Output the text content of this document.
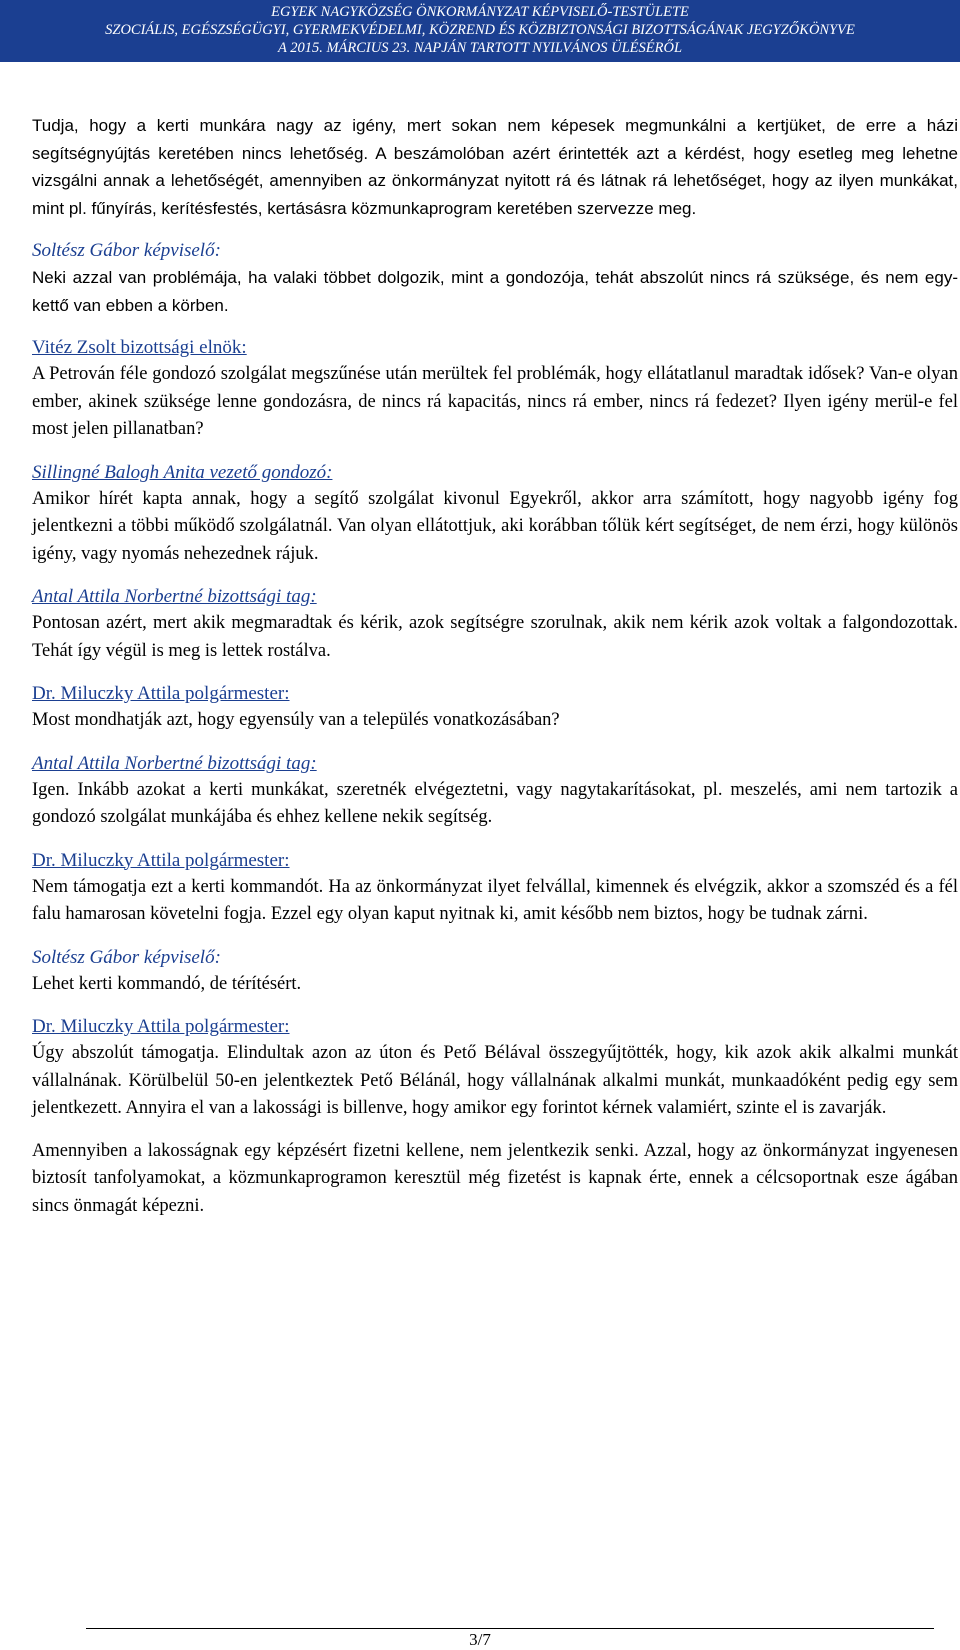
EGYEK NAGYKÖZSÉG ÖNKORMÁNYZAT KÉPVISELŐ-TESTÜLETE
SZOCIÁLIS, EGÉSZSÉGÜGYI, GYERMEKVÉDELMI, KÖZREND ÉS KÖZBIZTONSÁGI BIZOTTSÁGÁNAK JEGYZŐKÖNYVE
A 2015. MÁRCIUS 23. NAPJÁN TARTOTT NYILVÁNOS ÜLÉSÉRŐL

Tudja, hogy a kerti munkára nagy az igény, mert sokan nem képesek megmunkálni a kertjüket, de erre a házi segítségnyújtás keretében nincs lehetőség. A beszámolóban azért érintették azt a kérdést, hogy esetleg meg lehetne vizsgálni annak a lehetőségét, amennyiben az önkormányzat nyitott rá és látnak rá lehetőséget, hogy az ilyen munkákat, mint pl. fűnyírás, kerítésfestés, kertásásra közmunkaprogram keretében szervezze meg.

Soltész Gábor képviselő:

Neki azzal van problémája, ha valaki többet dolgozik, mint a gondozója, tehát abszolút nincs rá szüksége, és nem egy-kettő van ebben a körben.

Vitéz Zsolt bizottsági elnök:

A Petrován féle gondozó szolgálat megszűnése után merültek fel problémák, hogy ellátatlanul maradtak idősek? Van-e olyan ember, akinek szüksége lenne gondozásra, de nincs rá kapacitás, nincs rá ember, nincs rá fedezet? Ilyen igény merül-e fel most jelen pillanatban?

Sillingné Balogh Anita vezető gondozó:

Amikor hírét kapta annak, hogy a segítő szolgálat kivonul Egyekről, akkor arra számított, hogy nagyobb igény fog jelentkezni a többi működő szolgálatnál. Van olyan ellátottjuk, aki korábban tőlük kért segítséget, de nem érzi, hogy különös igény, vagy nyomás nehezednek rájuk.

Antal Attila Norbertné bizottsági tag:

Pontosan azért, mert akik megmaradtak és kérik, azok segítségre szorulnak, akik nem kérik azok voltak a falgondozottak. Tehát így végül is meg is lettek rostálva.

Dr. Miluczky Attila polgármester:

Most mondhatják azt, hogy egyensúly van a település vonatkozásában?

Antal Attila Norbertné bizottsági tag:

Igen. Inkább azokat a kerti munkákat, szeretnék elvégeztetni, vagy nagytakarításokat, pl. meszelés, ami nem tartozik a gondozó szolgálat munkájába és ehhez kellene nekik segítség.

Dr. Miluczky Attila polgármester:

Nem támogatja ezt a kerti kommandót. Ha az önkormányzat ilyet felvállal, kimennek és elvégzik, akkor a szomszéd és a fél falu hamarosan követelni fogja. Ezzel egy olyan kaput nyitnak ki, amit később nem biztos, hogy be tudnak zárni.

Soltész Gábor képviselő:

Lehet kerti kommandó, de térítésért.

Dr. Miluczky Attila polgármester:

Úgy abszolút támogatja. Elindultak azon az úton és Pető Bélával összegyűjtötték, hogy, kik azok akik alkalmi munkát vállalnának. Körülbelül 50-en jelentkeztek Pető Bélánál, hogy vállalnának alkalmi munkát, munkaadóként pedig egy sem jelentkezett. Annyira el van a lakossági is billenve, hogy amikor egy forintot kérnek valamiért, szinte el is zavarják.

Amennyiben a lakosságnak egy képzésért fizetni kellene, nem jelentkezik senki. Azzal, hogy az önkormányzat ingyenesen biztosít tanfolyamokat, a közmunkaprogramon keresztül még fizetést is kapnak érte, ennek a célcsoportnak esze ágában sincs önmagát képezni.

3/7
